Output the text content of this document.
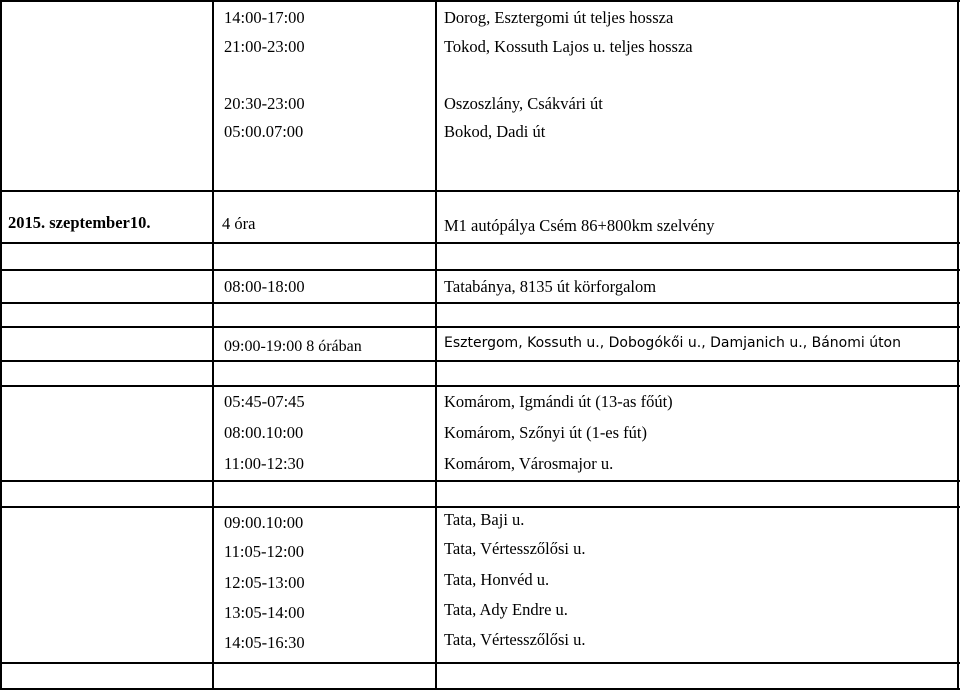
14:00-17:00	Dorog, Esztergomi út teljes hossza
21:00-23:00	Tokod, Kossuth Lajos u. teljes hossza
20:30-23:00	Oszoszlány, Csákvári út
05:00.07:00	Bokod, Dadi út
2015. szeptember10.	4 óra	M1 autópálya Csém 86+800km szelvény
08:00-18:00	Tatabánya, 8135 út körforgalom
09:00-19:00 8 órában	Esztergom, Kossuth u., Dobogókői u., Damjanich u., Bánomi úton
05:45-07:45	Komárom, Igmándi út (13-as főút)
08:00.10:00	Komárom, Szőnyi út (1-es fút)
11:00-12:30	Komárom, Városmajor u.
09:00.10:00	Tata, Baji u.
11:05-12:00	Tata, Vértesszőlősi u.
12:05-13:00	Tata, Honvéd u.
13:05-14:00	Tata, Ady Endre u.
14:05-16:30	Tata, Vértesszőlősi u.
